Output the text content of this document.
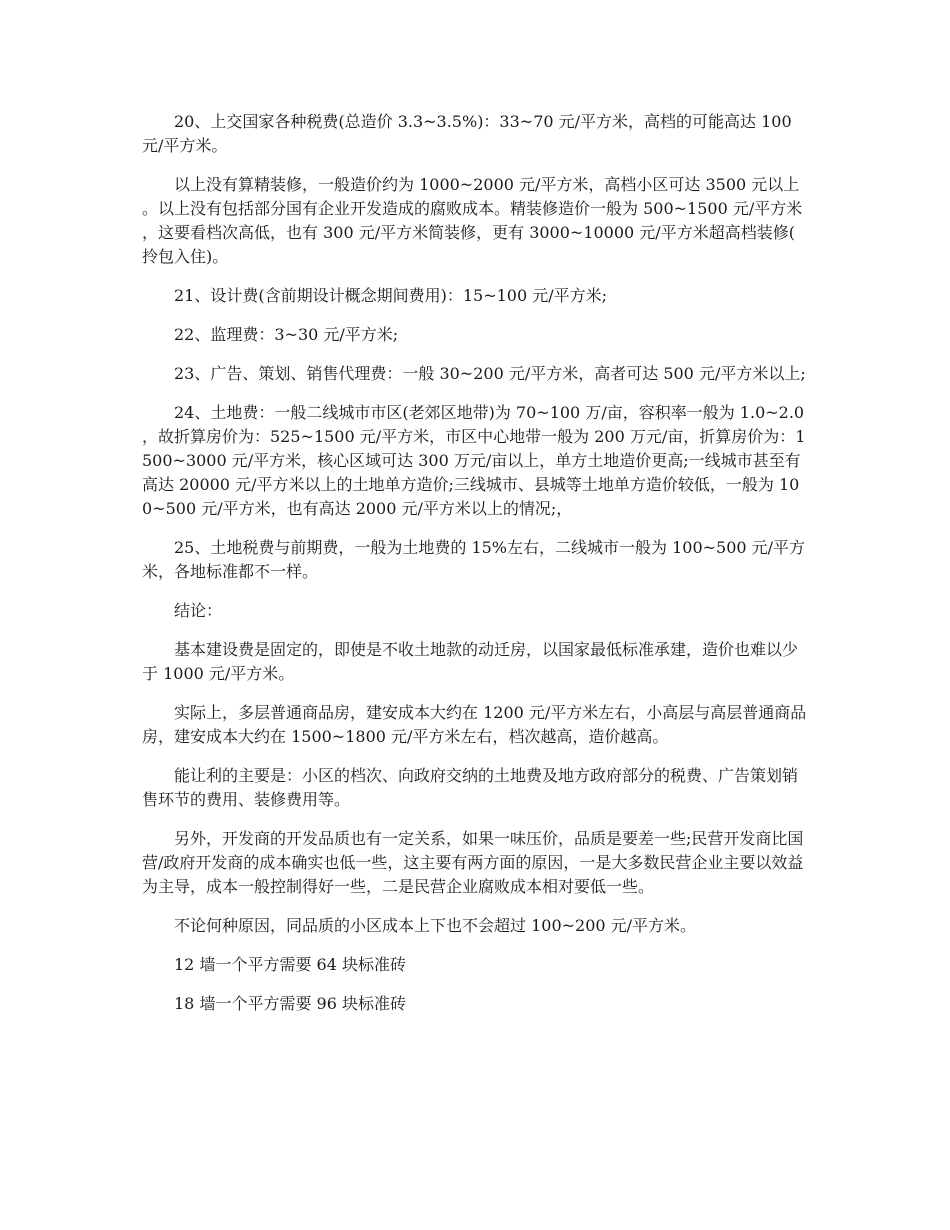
20、上交国家各种税费(总造价 3.3~3.5%)：33~70 元/平方米，高档的可能高达 100 元/平方米。

以上没有算精装修，一般造价约为 1000~2000 元/平方米，高档小区可达 3500 元以上。以上没有包括部分国有企业开发造成的腐败成本。精装修造价一般为 500~1500 元/平方米，这要看档次高低，也有 300 元/平方米简装修，更有 3000~10000 元/平方米超高档装修(拎包入住)。

21、设计费(含前期设计概念期间费用)：15~100 元/平方米;

22、监理费：3~30 元/平方米;

23、广告、策划、销售代理费：一般 30~200 元/平方米，高者可达 500 元/平方米以上;

24、土地费：一般二线城市市区(老郊区地带)为 70~100 万/亩，容积率一般为 1.0~2.0，故折算房价为：525~1500 元/平方米，市区中心地带一般为 200 万元/亩，折算房价为：1500~3000 元/平方米，核心区域可达 300 万元/亩以上，单方土地造价更高;一线城市甚至有高达 20000 元/平方米以上的土地单方造价;三线城市、县城等土地单方造价较低，一般为 100~500 元/平方米，也有高达 2000 元/平方米以上的情况;，

25、土地税费与前期费，一般为土地费的 15%左右，二线城市一般为 100~500 元/平方米，各地标准都不一样。

结论：

基本建设费是固定的，即使是不收土地款的动迁房，以国家最低标准承建，造价也难以少于 1000 元/平方米。

实际上，多层普通商品房，建安成本大约在 1200 元/平方米左右，小高层与高层普通商品房，建安成本大约在 1500~1800 元/平方米左右，档次越高，造价越高。

能让利的主要是：小区的档次、向政府交纳的土地费及地方政府部分的税费、广告策划销售环节的费用、装修费用等。

另外，开发商的开发品质也有一定关系，如果一味压价，品质是要差一些;民营开发商比国营/政府开发商的成本确实也低一些，这主要有两方面的原因，一是大多数民营企业主要以效益为主导，成本一般控制得好一些，二是民营企业腐败成本相对要低一些。

不论何种原因，同品质的小区成本上下也不会超过 100~200 元/平方米。

12 墙一个平方需要 64 块标准砖

18 墙一个平方需要 96 块标准砖
